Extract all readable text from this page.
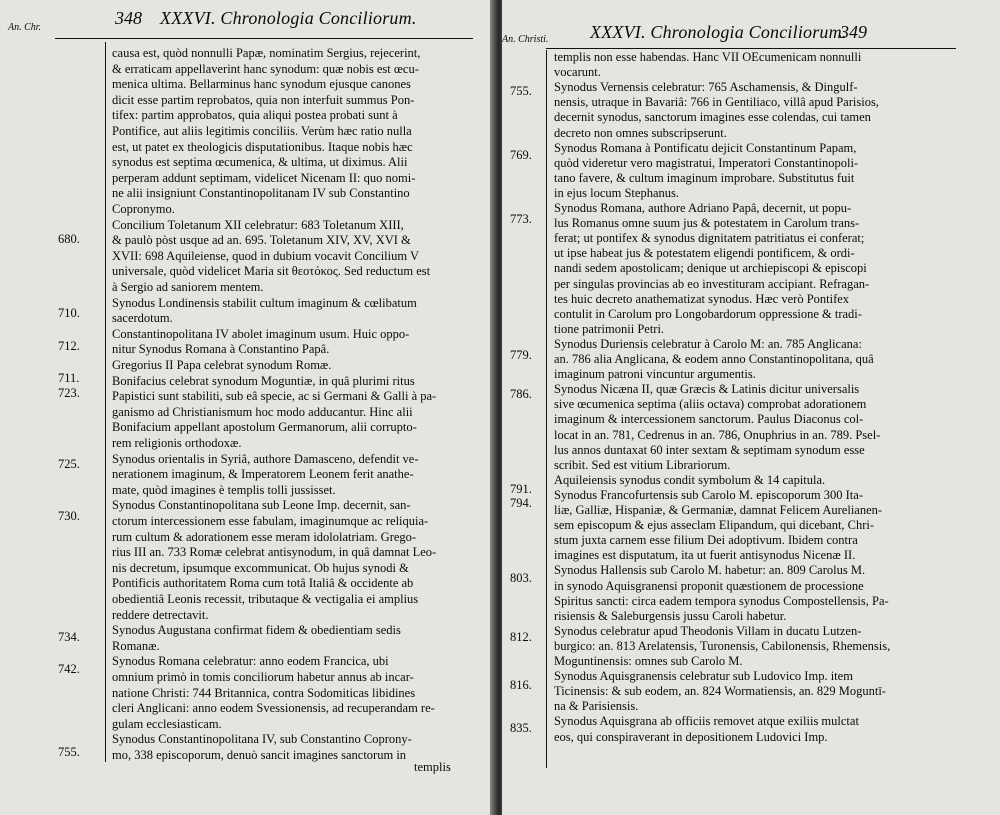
An. Chr.	348 XXXVI. Chronologia Conciliorum.
680.
710.
712.
711.
723.
725.
730.
734.
742.
755.
causa est, quòd nonnulli Papæ, nominatim Sergius, rejecerint,
& erraticam appellaverint hanc synodum: quæ nobis est œcu-
menica ultima. Bellarminus hanc synodum ejusque canones
dicit esse partim reprobatos, quia non interfuit summus Pon-
tifex: partim approbatos, quia aliqui postea probati sunt à
Pontifice, aut aliis legitimis conciliis. Verùm hæc ratio nulla
est, ut patet ex theologicis disputationibus. Itaque nobis hæc
synodus est septima œcumenica, & ultima, ut diximus. Alii
perperam addunt septimam, videlicet Nicenam II: quo nomi-
ne alii insigniunt Constantinopolitanam IV sub Constantino
Copronymo.
Concilium Toletanum XII celebratur: 683 Toletanum XIII,
& paulò pòst usque ad an. 695. Toletanum XIV, XV, XVI &
XVII: 698 Aquileiense, quod in dubium vocavit Concilium V
universale, quòd videlicet Maria sit θεοτόκος. Sed reductum est
à Sergio ad saniorem mentem.
Synodus Londinensis stabilit cultum imaginum & cœlibatum
sacerdotum.
Constantinopolitana IV abolet imaginum usum. Huic oppo-
nitur Synodus Romana à Constantino Papâ.
Gregorius II Papa celebrat synodum Romæ.
Bonifacius celebrat synodum Moguntiæ, in quâ plurimi ritus
Papistici sunt stabiliti, sub eâ specie, ac si Germani & Galli à pa-
ganismo ad Christianismum hoc modo adducantur. Hinc alii
Bonifacium appellant apostolum Germanorum, alii corrupto-
rem religionis orthodoxæ.
Synodus orientalis in Syriâ, authore Damasceno, defendit ve-
nerationem imaginum, & Imperatorem Leonem ferit anathe-
mate, quòd imagines è templis tolli jussisset.
Synodus Constantinopolitana sub Leone Imp. decernit, san-
ctorum intercessionem esse fabulam, imaginumque ac reliquia-
rum cultum & adorationem esse meram idololatriam. Grego-
rius III an. 733 Romæ celebrat antisynodum, in quâ damnat Leo-
nis decretum, ipsumque excommunicat. Ob hujus synodi &
Pontificis authoritatem Roma cum totâ Italiâ & occidente ab
obedientiâ Leonis recessit, tributaque & vectigalia ei amplius
reddere detrectavit.
Synodus Augustana confirmat fidem & obedientiam sedis
Romanæ.
Synodus Romana celebratur: anno eodem Francica, ubi
omnium primò in tomis conciliorum habetur annus ab incar-
natione Christi: 744 Britannica, contra Sodomiticas libidines
cleri Anglicani: anno eodem Svessionensis, ad recuperandam re-
gulam ecclesiasticam.
Synodus Constantinopolitana IV, sub Constantino Coprony-
mo, 338 episcoporum, denuò sancit imagines sanctorum in
templis
An. Christi. XXXVI. Chronologia Conciliorum.
349
755.
769.
773.
779.
786.
791.
794.
803.
812.
816.
835.
templis non esse habendas. Hanc VII OEcumenicam nonnulli
vocarunt.
Synodus Vernensis celebratur: 765 Aschamensis, & Dingulf-
nensis, utraque in Bavariâ: 766 in Gentiliaco, villâ apud Parisios,
decernit synodus, sanctorum imagines esse colendas, cui tamen
decreto non omnes subscripserunt.
Synodus Romana à Pontificatu dejicit Constantinum Papam,
quòd videretur vero magistratui, Imperatori Constantinopoli-
tano favere, & cultum imaginum improbare. Substitutus fuit
in ejus locum Stephanus.
Synodus Romana, authore Adriano Papâ, decernit, ut popu-
lus Romanus omne suum jus & potestatem in Carolum trans-
ferat; ut pontifex & synodus dignitatem patritiatus ei conferat;
ut ipse habeat jus & potestatem eligendi pontificem, & ordi-
nandi sedem apostolicam; denique ut archiepiscopi & episcopi
per singulas provincias ab eo investituram accipiant. Refragan-
tes huic decreto anathematizat synodus. Hæc verò Pontifex
contulit in Carolum pro Longobardorum oppressione & tradi-
tione patrimonii Petri.
Synodus Duriensis celebratur à Carolo M: an. 785 Anglicana:
an. 786 alia Anglicana, & eodem anno Constantinopolitana, quâ
imaginum patroni vincuntur argumentis.
Synodus Nicæna II, quæ Græcis & Latinis dicitur universalis
sive œcumenica septima (aliis octava) comprobat adorationem
imaginum & intercessionem sanctorum. Paulus Diaconus col-
locat in an. 781, Cedrenus in an. 786, Onuphrius in an. 789. Psel-
lus annos duntaxat 60 inter sextam & septimam synodum esse
scribit. Sed est vitium Librariorum.
Aquileiensis synodus condit symbolum & 14 capitula.
Synodus Francofurtensis sub Carolo M. episcoporum 300 Ita-
liæ, Galliæ, Hispaniæ, & Germaniæ, damnat Felicem Aurelianen-
sem episcopum & ejus asseclam Elipandum, qui dicebant, Chri-
stum juxta carnem esse filium Dei adoptivum. Ibidem contra
imagines est disputatum, ita ut fuerit antisynodus Nicenæ II.
Synodus Hallensis sub Carolo M. habetur: an. 809 Carolus M.
in synodo Aquisgranensi proponit quæstionem de processione
Spiritus sancti: circa eadem tempora synodus Compostellensis, Pa-
risiensis & Saleburgensis jussu Caroli habetur.
Synodus celebratur apud Theodonis Villam in ducatu Lutzen-
burgico: an. 813 Arelatensis, Turonensis, Cabilonensis, Rhemensis,
Moguntinensis: omnes sub Carolo M.
Synodus Aquisgranensis celebratur sub Ludovico Imp. item
Ticinensis: & sub eodem, an. 824 Wormatiensis, an. 829 Moguntī-
na & Parisiensis.
Synodus Aquisgrana ab officiis removet atque exiliis mulctat
eos, qui conspiraverant in depositionem Ludovici Imp.
